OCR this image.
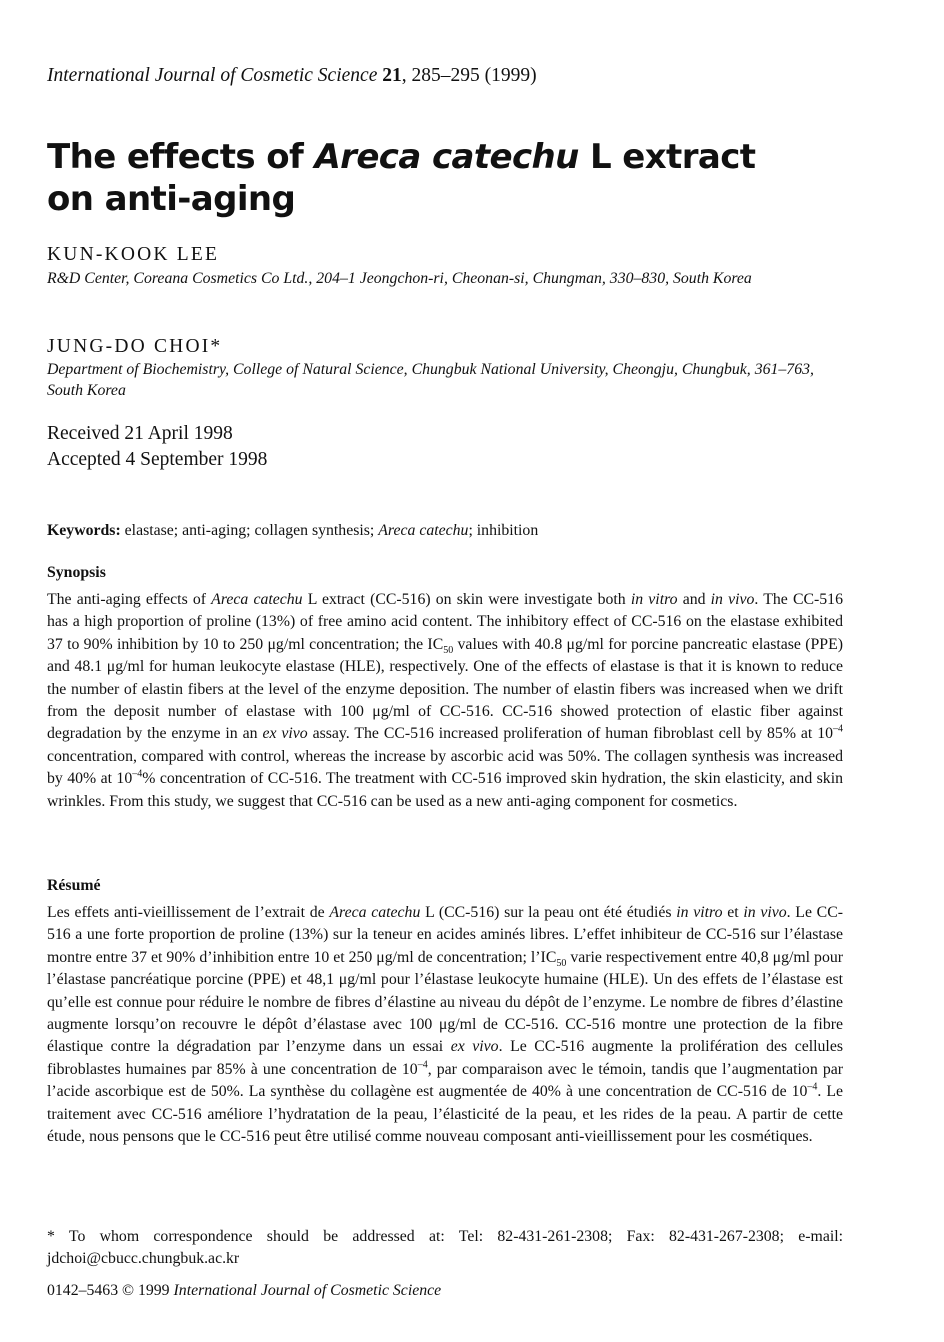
International Journal of Cosmetic Science 21, 285–295 (1999)
The effects of Areca catechu L extract on anti-aging
KUN-KOOK LEE
R&D Center, Coreana Cosmetics Co Ltd., 204–1 Jeongchon-ri, Cheonan-si, Chungman, 330–830, South Korea
JUNG-DO CHOI*
Department of Biochemistry, College of Natural Science, Chungbuk National University, Cheongju, Chungbuk, 361–763, South Korea
Received 21 April 1998
Accepted 4 September 1998
Keywords: elastase; anti-aging; collagen synthesis; Areca catechu; inhibition
Synopsis

The anti-aging effects of Areca catechu L extract (CC-516) on skin were investigate both in vitro and in vivo. The CC-516 has a high proportion of proline (13%) of free amino acid content. The inhibitory effect of CC-516 on the elastase exhibited 37 to 90% inhibition by 10 to 250 μg/ml concentration; the $IC_{50}$ values with 40.8 μg/ml for porcine pancreatic elastase (PPE) and 48.1 μg/ml for human leukocyte elastase (HLE), respectively. One of the effects of elastase is that it is known to reduce the number of elastin fibers at the level of the enzyme deposition. The number of elastin fibers was increased when we drift from the deposit number of elastase with 100 μg/ml of CC-516. CC-516 showed protection of elastic fiber against degradation by the enzyme in an ex vivo assay. The CC-516 increased proliferation of human fibroblast cell by 85% at $10^{-4}$ concentration, compared with control, whereas the increase by ascorbic acid was 50%. The collagen synthesis was increased by 40% at $10^{-4}\%$ concentration of CC-516. The treatment with CC-516 improved skin hydration, the skin elasticity, and skin wrinkles. From this study, we suggest that CC-516 can be used as a new anti-aging component for cosmetics.

Résumé

Les effets anti-vieillissement de l’extrait de Areca catechu L (CC-516) sur la peau ont été étudiés in vitro et in vivo. Le CC-516 a une forte proportion de proline (13%) sur la teneur en acides aminés libres. L’effet inhibiteur de CC-516 sur l’élastase montre entre 37 et 90% d’inhibition entre 10 et 250 μg/ml de concentration; $l’IC_{50}$ varie respectivement entre 40,8 μg/ml pour l’élastase pancréatique porcine (PPE) et 48,1 μg/ml pour l’élastase leukocyte humaine (HLE). Un des effets de l’élastase est qu’elle est connue pour réduire le nombre de fibres d’élastine au niveau du dépôt de l’enzyme. Le nombre de fibres d’élastine augmente lorsqu’on recouvre le dépôt d’élastase avec 100 μg/ml de CC-516. CC-516 montre une protection de la fibre élastique contre la dégradation par l’enzyme dans un essai ex vivo. Le CC-516 augmente la prolifération des cellules fibroblastes humaines par 85% à une concentration de $10^{-4}$, par comparaison avec le témoin, tandis que l’augmentation par l’acide ascorbique est de 50%. La synthèse du collagène est augmentée de 40% à une concentration de CC-516 de $10^{-4}$. Le traitement avec CC-516 améliore l’hydratation de la peau, l’élasticité de la peau, et les rides de la peau. A partir de cette étude, nous pensons que le CC-516 peut être utilisé comme nouveau composant anti-vieillissement pour les cosmétiques.

* To whom correspondence should be addressed at: Tel: 82-431-261-2308; Fax: 82-431-267-2308; e-mail: jdchoi@cbucc.chungbuk.ac.kr
0142–5463 © 1999 International Journal of Cosmetic Science
